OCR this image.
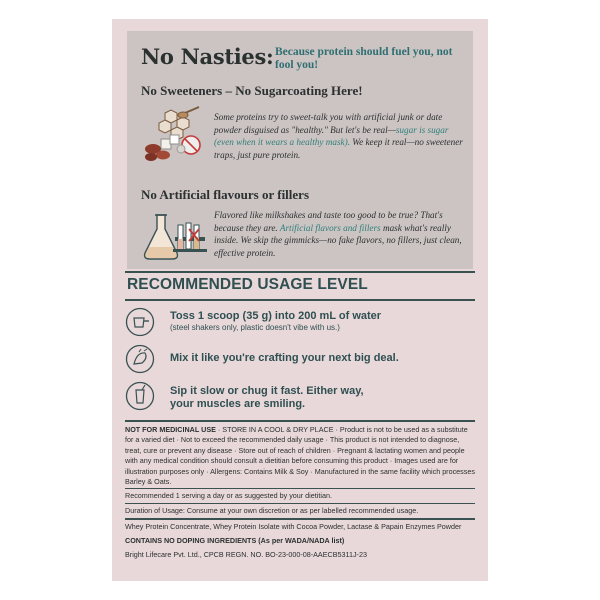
No Nasties: Because protein should fuel you, not fool you!
No Sweeteners – No Sugarcoating Here!
Some proteins try to sweet-talk you with artificial junk or date powder disguised as "healthy." But let's be real—sugar is sugar (even when it wears a healthy mask). We keep it real—no sweetener traps, just pure protein.
No Artificial flavours or fillers
Flavored like milkshakes and taste too good to be true? That's because they are. Artificial flavors and fillers mask what's really inside. We skip the gimmicks—no fake flavors, no fillers, just clean, effective protein.
RECOMMENDED USAGE LEVEL
Toss 1 scoop (35 g) into 200 mL of water
(steel shakers only, plastic doesn't vibe with us.)
Mix it like you're crafting your next big deal.
Sip it slow or chug it fast. Either way,
your muscles are smiling.
NOT FOR MEDICINAL USE · STORE IN A COOL & DRY PLACE · Product is not to be used as a substitute for a varied diet · Not to exceed the recommended daily usage · This product is not intended to diagnose, treat, cure or prevent any disease · Store out of reach of children · Pregnant & lactating women and people with any medical condition should consult a dietitian before consuming this product · Images used are for illustration purposes only · Allergens: Contains Milk & Soy · Manufactured in the same facility which processes Barley & Oats.
Recommended 1 serving a day or as suggested by your dietitian.
Duration of Usage: Consume at your own discretion or as per labelled recommended usage.
Whey Protein Concentrate, Whey Protein Isolate with Cocoa Powder, Lactase & Papain Enzymes Powder
CONTAINS NO DOPING INGREDIENTS (As per WADA/NADA list)
Bright Lifecare Pvt. Ltd., CPCB REGN. NO. BO-23-000-08-AAECB5311J-23
